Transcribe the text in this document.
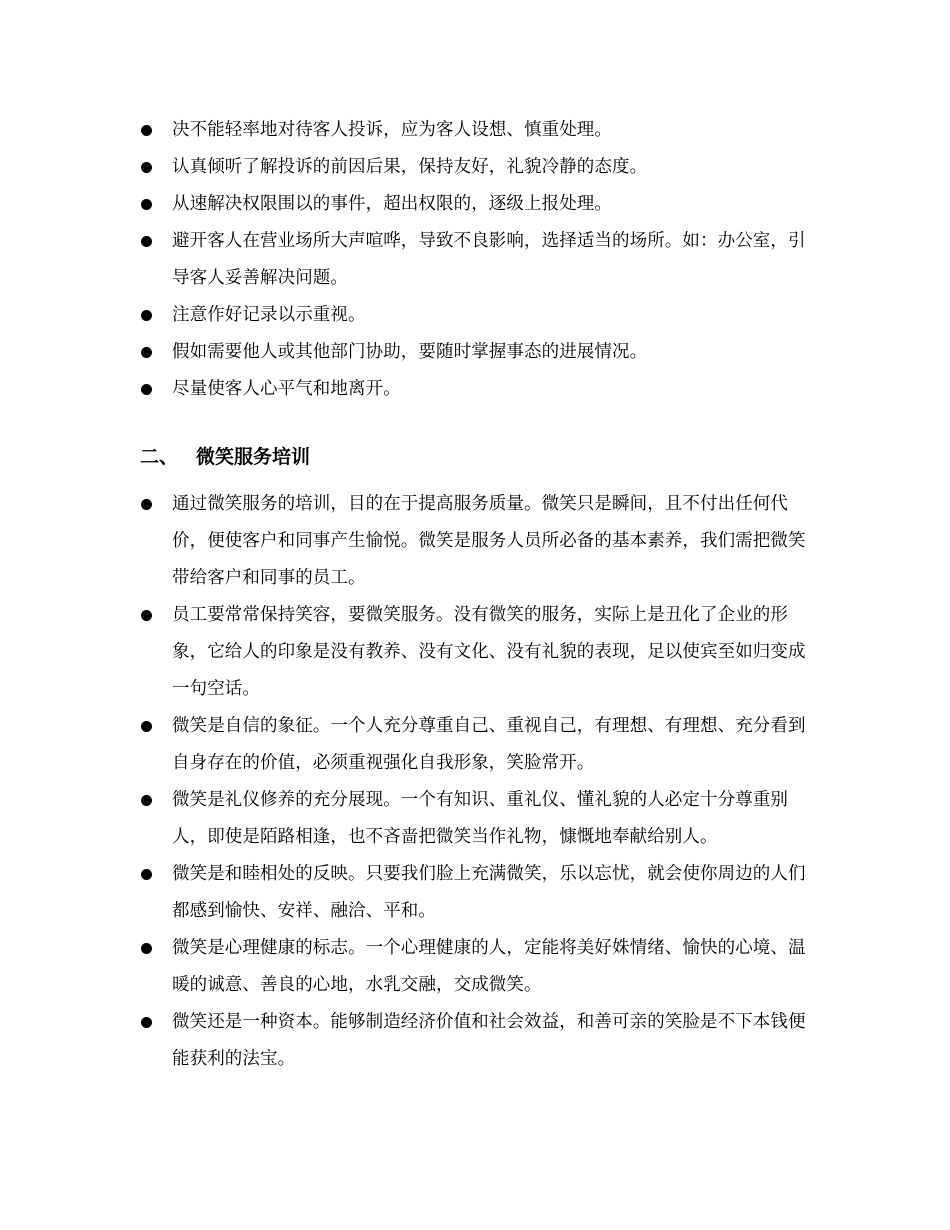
决不能轻率地对待客人投诉，应为客人设想、慎重处理。
认真倾听了解投诉的前因后果，保持友好，礼貌冷静的态度。
从速解决权限围以的事件，超出权限的，逐级上报处理。
避开客人在营业场所大声喧哗，导致不良影响，选择适当的场所。如：办公室，引导客人妥善解决问题。
注意作好记录以示重视。
假如需要他人或其他部门协助，要随时掌握事态的进展情况。
尽量使客人心平气和地离开。
二、 微笑服务培训
通过微笑服务的培训，目的在于提高服务质量。微笑只是瞬间，且不付出任何代价，便使客户和同事产生愉悦。微笑是服务人员所必备的基本素养，我们需把微笑带给客户和同事的员工。
员工要常常保持笑容，要微笑服务。没有微笑的服务，实际上是丑化了企业的形象，它给人的印象是没有教养、没有文化、没有礼貌的表现，足以使宾至如归变成一句空话。
微笑是自信的象征。一个人充分尊重自己、重视自己，有理想、有理想、充分看到自身存在的价值，必须重视强化自我形象，笑脸常开。
微笑是礼仪修养的充分展现。一个有知识、重礼仪、懂礼貌的人必定十分尊重别人，即使是陌路相逢，也不吝啬把微笑当作礼物，慷慨地奉献给别人。
微笑是和睦相处的反映。只要我们脸上充满微笑，乐以忘忧，就会使你周边的人们都感到愉快、安祥、融洽、平和。
微笑是心理健康的标志。一个心理健康的人，定能将美好姝情绪、愉快的心境、温暖的诚意、善良的心地，水乳交融，交成微笑。
微笑还是一种资本。能够制造经济价值和社会效益，和善可亲的笑脸是不下本钱便能获利的法宝。
